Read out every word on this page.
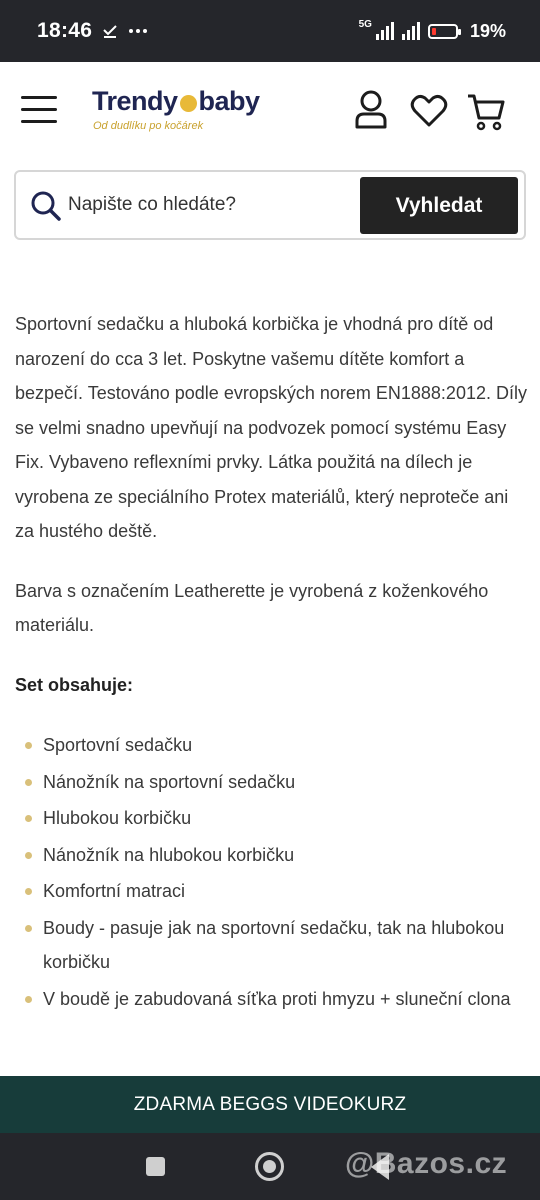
18:46	5G	19%
Trendy baby
Od dudlíku po kočárek
Napište co hledáte?
Vyhledat

Sportovní sedačku a hluboká korbička je vhodná pro dítě od narození do cca 3 let. Poskytne vašemu dítěte komfort a bezpečí. Testováno podle evropských norem EN1888:2012. Díly se velmi snadno upevňují na podvozek pomocí systému Easy Fix. Vybaveno reflexními prvky. Látka použitá na dílech je vyrobena ze speciálního Protex materiálů, který neproteče ani za hustého deště.

Barva s označením Leatherette je vyrobená z koženkového materiálu.

Set obsahuje:

Sportovní sedačku
Nánožník na sportovní sedačku
Hlubokou korbičku
Nánožník na hlubokou korbičku
Komfortní matraci
Boudy - pasuje jak na sportovní sedačku, tak na hlubokou korbičku
V boudě je zabudovaná síťka proti hmyzu + sluneční clona
ZDARMA BEGGS VIDEOKURZ
@Bazos.cz
